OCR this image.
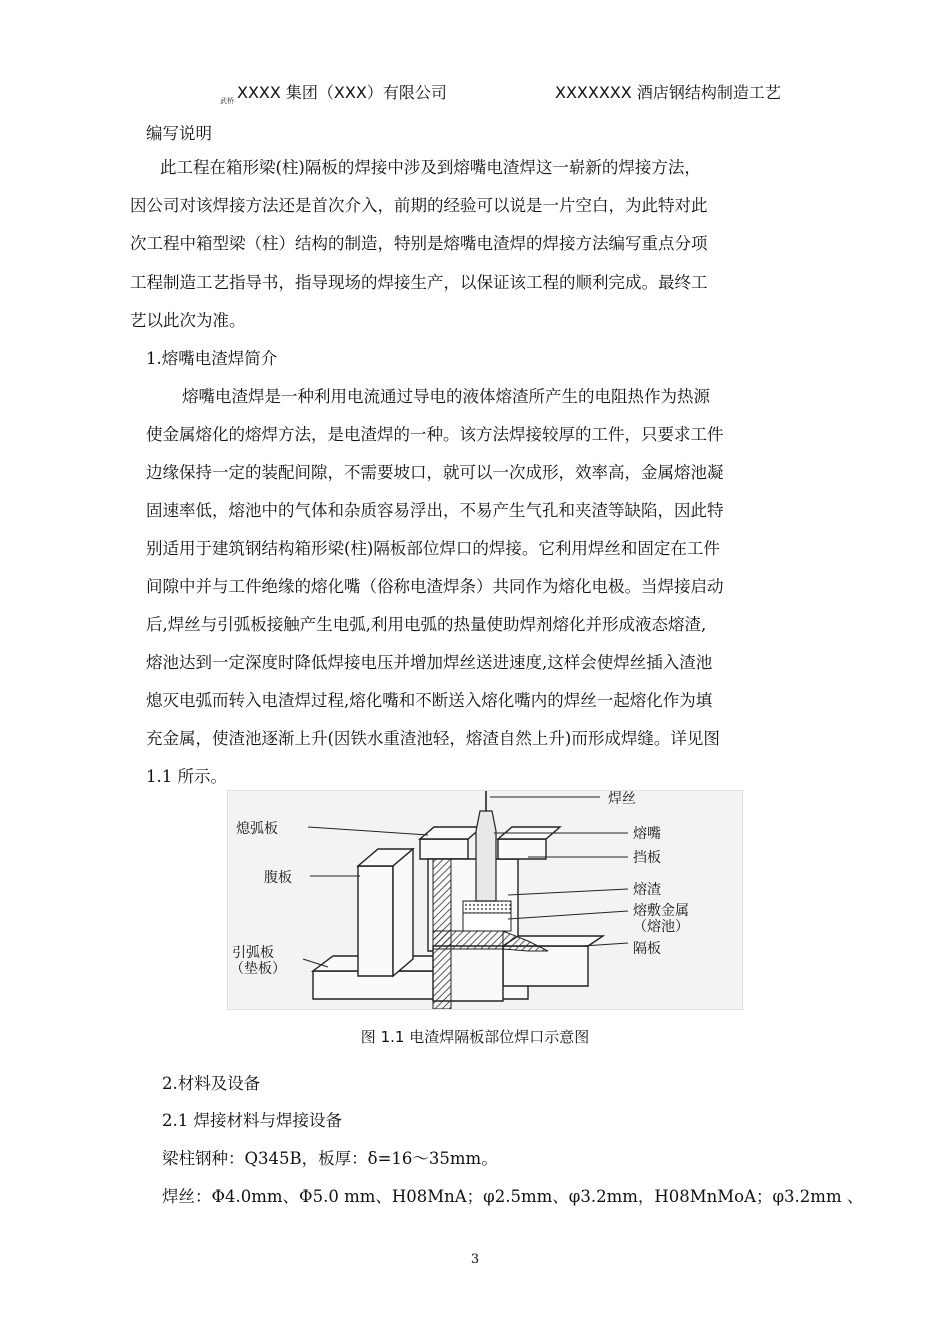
武桥 XXXX 集团（XXX）有限公司	XXXXXXX 酒店钢结构制造工艺
编写说明
此工程在箱形梁(柱)隔板的焊接中涉及到熔嘴电渣焊这一崭新的焊接方法，
因公司对该焊接方法还是首次介入，前期的经验可以说是一片空白，为此特对此
次工程中箱型梁（柱）结构的制造，特别是熔嘴电渣焊的焊接方法编写重点分项
工程制造工艺指导书，指导现场的焊接生产，以保证该工程的顺利完成。最终工
艺以此次为准。
1.熔嘴电渣焊简介
熔嘴电渣焊是一种利用电流通过导电的液体熔渣所产生的电阻热作为热源
使金属熔化的熔焊方法，是电渣焊的一种。该方法焊接较厚的工件，只要求工件
边缘保持一定的装配间隙，不需要坡口，就可以一次成形，效率高，金属熔池凝
固速率低，熔池中的气体和杂质容易浮出，不易产生气孔和夹渣等缺陷，因此特
别适用于建筑钢结构箱形梁(柱)隔板部位焊口的焊接。它利用焊丝和固定在工件
间隙中并与工件绝缘的熔化嘴（俗称电渣焊条）共同作为熔化电极。当焊接启动
后,焊丝与引弧板接触产生电弧,利用电弧的热量使助焊剂熔化并形成液态熔渣,
熔池达到一定深度时降低焊接电压并增加焊丝送进速度,这样会使焊丝插入渣池
熄灭电弧而转入电渣焊过程,熔化嘴和不断送入熔化嘴内的焊丝一起熔化作为填
充金属，使渣池逐渐上升(因铁水重渣池轻，熔渣自然上升)而形成焊缝。详见图
1.1 所示。
焊丝
熄弧板	熔嘴
挡板
腹板
熔渣
熔敷金属
（熔池）
隔板
引弧板
（垫板）
图 1.1 电渣焊隔板部位焊口示意图
2.材料及设备
2.1 焊接材料与焊接设备
梁柱钢种：Q345B，板厚：δ=16～35mm。
焊丝：Φ4.0mm、Φ5.0 mm、H08MnA；φ2.5mm、φ3.2mm，H08MnMoA；φ3.2mm 、
3
